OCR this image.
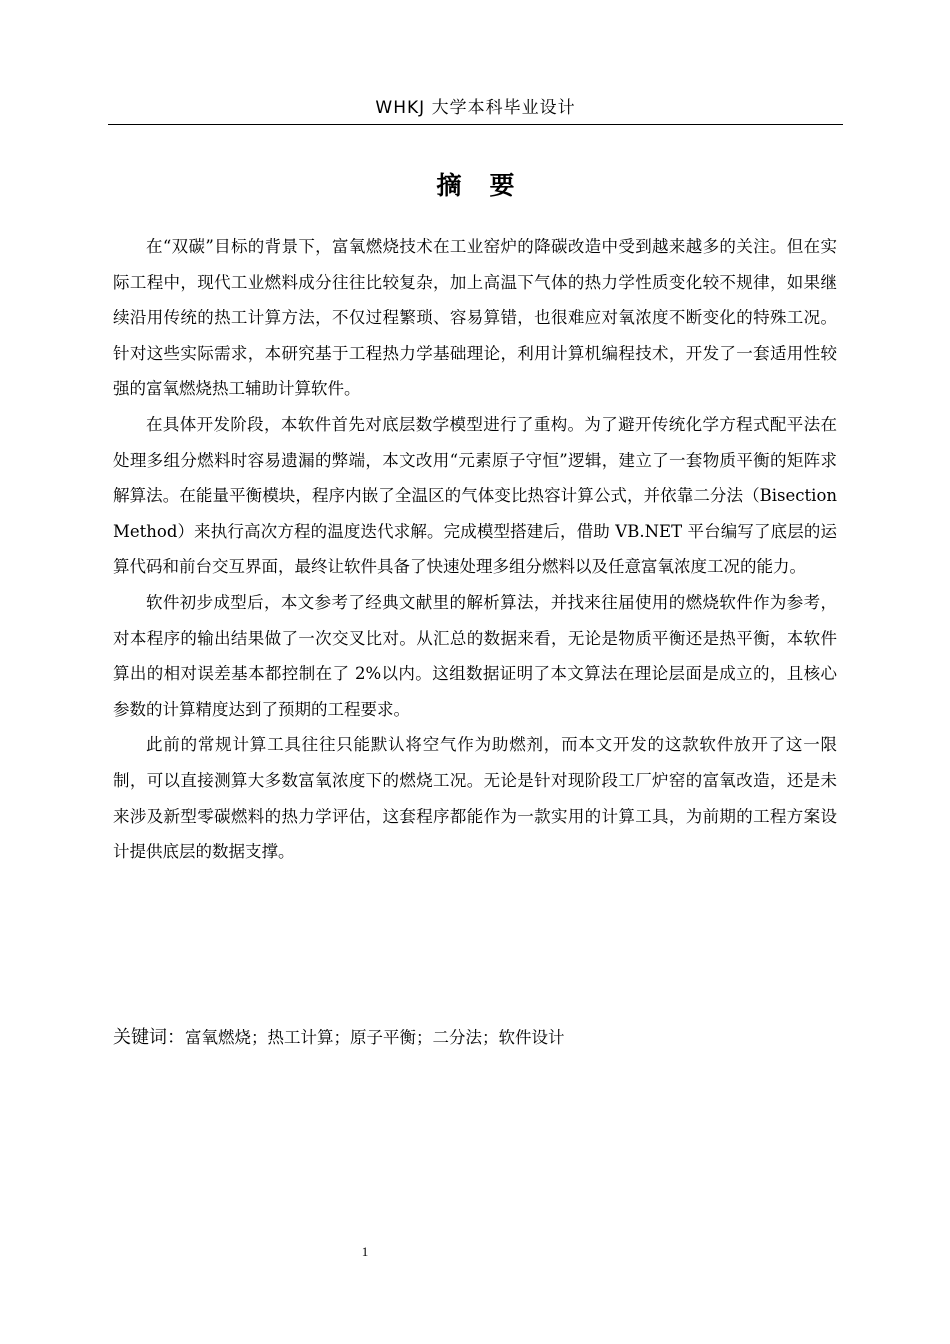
WHKJ 大学本科毕业设计
摘要

在“双碳”目标的背景下，富氧燃烧技术在工业窑炉的降碳改造中受到越来越多的关注。但在实际工程中，现代工业燃料成分往往比较复杂，加上高温下气体的热力学性质变化较不规律，如果继续沿用传统的热工计算方法，不仅过程繁琐、容易算错，也很难应对氧浓度不断变化的特殊工况。针对这些实际需求，本研究基于工程热力学基础理论，利用计算机编程技术，开发了一套适用性较强的富氧燃烧热工辅助计算软件。

在具体开发阶段，本软件首先对底层数学模型进行了重构。为了避开传统化学方程式配平法在处理多组分燃料时容易遗漏的弊端，本文改用“元素原子守恒”逻辑，建立了一套物质平衡的矩阵求解算法。在能量平衡模块，程序内嵌了全温区的气体变比热容计算公式，并依靠二分法（Bisection Method）来执行高次方程的温度迭代求解。完成模型搭建后，借助 VB.NET 平台编写了底层的运算代码和前台交互界面，最终让软件具备了快速处理多组分燃料以及任意富氧浓度工况的能力。

软件初步成型后，本文参考了经典文献里的解析算法，并找来往届使用的燃烧软件作为参考，对本程序的输出结果做了一次交叉比对。从汇总的数据来看，无论是物质平衡还是热平衡，本软件算出的相对误差基本都控制在了 2%以内。这组数据证明了本文算法在理论层面是成立的，且核心参数的计算精度达到了预期的工程要求。

此前的常规计算工具往往只能默认将空气作为助燃剂，而本文开发的这款软件放开了这一限制，可以直接测算大多数富氧浓度下的燃烧工况。无论是针对现阶段工厂炉窑的富氧改造，还是未来涉及新型零碳燃料的热力学评估，这套程序都能作为一款实用的计算工具，为前期的工程方案设计提供底层的数据支撑。

关键词：富氧燃烧；热工计算；原子平衡；二分法；软件设计
1
